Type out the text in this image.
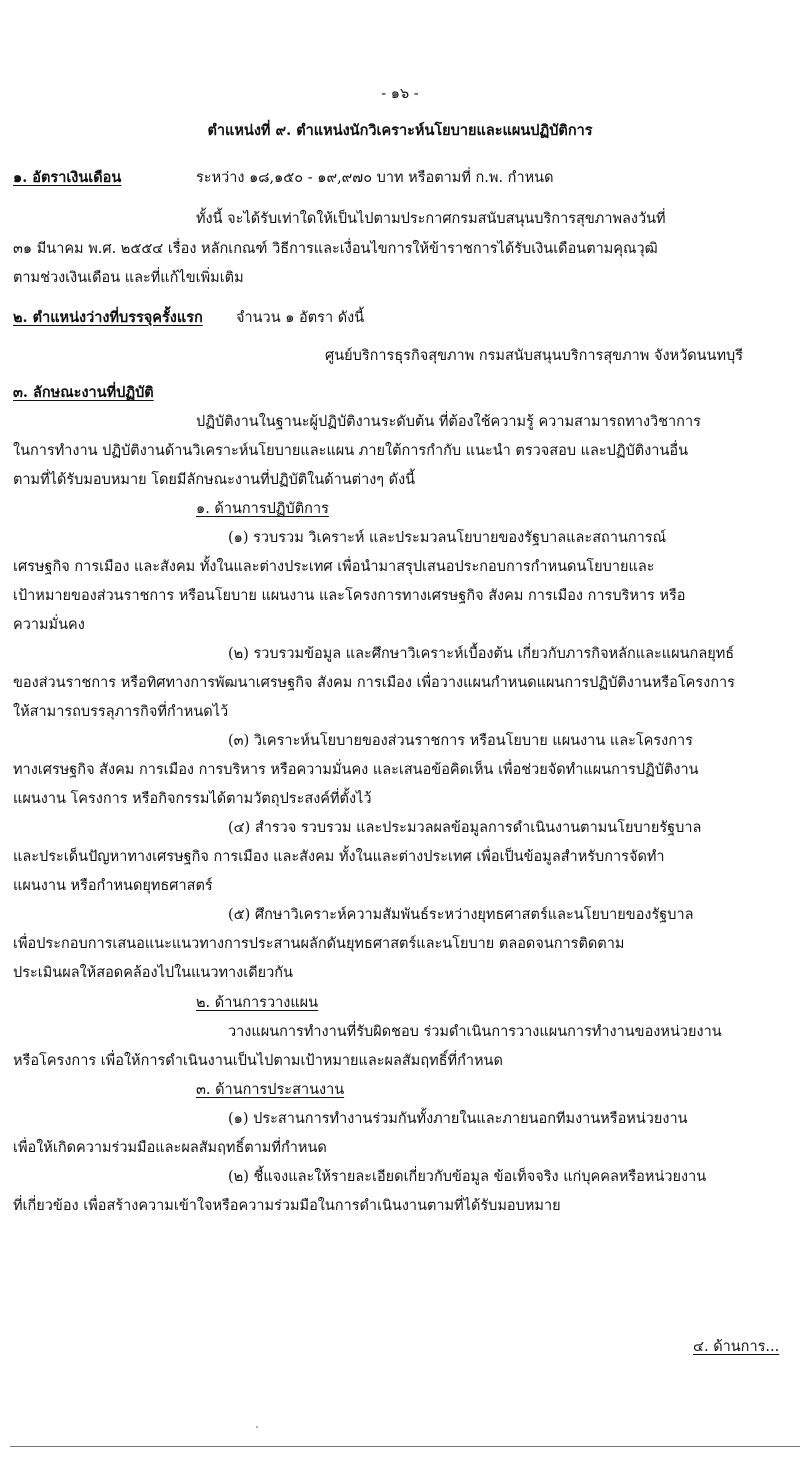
- ๑๖ -
ตำแหน่งที่ ๙. ตำแหน่งนักวิเคราะห์นโยบายและแผนปฏิบัติการ
๑. อัตราเงินเดือน	ระหว่าง ๑๘,๑๕๐ - ๑๙,๙๗๐ บาท หรือตามที่ ก.พ. กำหนด
ทั้งนี้ จะได้รับเท่าใดให้เป็นไปตามประกาศกรมสนับสนุนบริการสุขภาพลงวันที่
๓๑ มีนาคม พ.ศ. ๒๕๕๔ เรื่อง หลักเกณฑ์ วิธีการและเงื่อนไขการให้ข้าราชการได้รับเงินเดือนตามคุณวุฒิ
ตามช่วงเงินเดือน และที่แก้ไขเพิ่มเติม
๒. ตำแหน่งว่างที่บรรจุครั้งแรก จำนวน ๑ อัตรา ดังนี้
ศูนย์บริการธุรกิจสุขภาพ กรมสนับสนุนบริการสุขภาพ จังหวัดนนทบุรี
๓. ลักษณะงานที่ปฏิบัติ
ปฏิบัติงานในฐานะผู้ปฏิบัติงานระดับต้น ที่ต้องใช้ความรู้ ความสามารถทางวิชาการ
ในการทำงาน ปฏิบัติงานด้านวิเคราะห์นโยบายและแผน ภายใต้การกำกับ แนะนำ ตรวจสอบ และปฏิบัติงานอื่น
ตามที่ได้รับมอบหมาย โดยมีลักษณะงานที่ปฏิบัติในด้านต่างๆ ดังนี้
๑. ด้านการปฏิบัติการ
(๑) รวบรวม วิเคราะห์ และประมวลนโยบายของรัฐบาลและสถานการณ์
เศรษฐกิจ การเมือง และสังคม ทั้งในและต่างประเทศ เพื่อนำมาสรุปเสนอประกอบการกำหนดนโยบายและ
เป้าหมายของส่วนราชการ หรือนโยบาย แผนงาน และโครงการทางเศรษฐกิจ สังคม การเมือง การบริหาร หรือ
ความมั่นคง
(๒) รวบรวมข้อมูล และศึกษาวิเคราะห์เบื้องต้น เกี่ยวกับภารกิจหลักและแผนกลยุทธ์
ของส่วนราชการ หรือทิศทางการพัฒนาเศรษฐกิจ สังคม การเมือง เพื่อวางแผนกำหนดแผนการปฏิบัติงานหรือโครงการ
ให้สามารถบรรลุภารกิจที่กำหนดไว้
(๓) วิเคราะห์นโยบายของส่วนราชการ หรือนโยบาย แผนงาน และโครงการ
ทางเศรษฐกิจ สังคม การเมือง การบริหาร หรือความมั่นคง และเสนอข้อคิดเห็น เพื่อช่วยจัดทำแผนการปฏิบัติงาน
แผนงาน โครงการ หรือกิจกรรมได้ตามวัตถุประสงค์ที่ตั้งไว้
(๔) สำรวจ รวบรวม และประมวลผลข้อมูลการดำเนินงานตามนโยบายรัฐบาล
และประเด็นปัญหาทางเศรษฐกิจ การเมือง และสังคม ทั้งในและต่างประเทศ เพื่อเป็นข้อมูลสำหรับการจัดทำ
แผนงาน หรือกำหนดยุทธศาสตร์
(๕) ศึกษาวิเคราะห์ความสัมพันธ์ระหว่างยุทธศาสตร์และนโยบายของรัฐบาล
เพื่อประกอบการเสนอแนะแนวทางการประสานผลักดันยุทธศาสตร์และนโยบาย ตลอดจนการติดตาม
ประเมินผลให้สอดคล้องไปในแนวทางเดียวกัน
๒. ด้านการวางแผน
วางแผนการทำงานที่รับผิดชอบ ร่วมดำเนินการวางแผนการทำงานของหน่วยงาน
หรือโครงการ เพื่อให้การดำเนินงานเป็นไปตามเป้าหมายและผลสัมฤทธิ์ที่กำหนด
๓. ด้านการประสานงาน
(๑) ประสานการทำงานร่วมกันทั้งภายในและภายนอกทีมงานหรือหน่วยงาน
เพื่อให้เกิดความร่วมมือและผลสัมฤทธิ์ตามที่กำหนด
(๒) ชี้แจงและให้รายละเอียดเกี่ยวกับข้อมูล ข้อเท็จจริง แก่บุคคลหรือหน่วยงาน
ที่เกี่ยวข้อง เพื่อสร้างความเข้าใจหรือความร่วมมือในการดำเนินงานตามที่ได้รับมอบหมาย
๔. ด้านการ...
